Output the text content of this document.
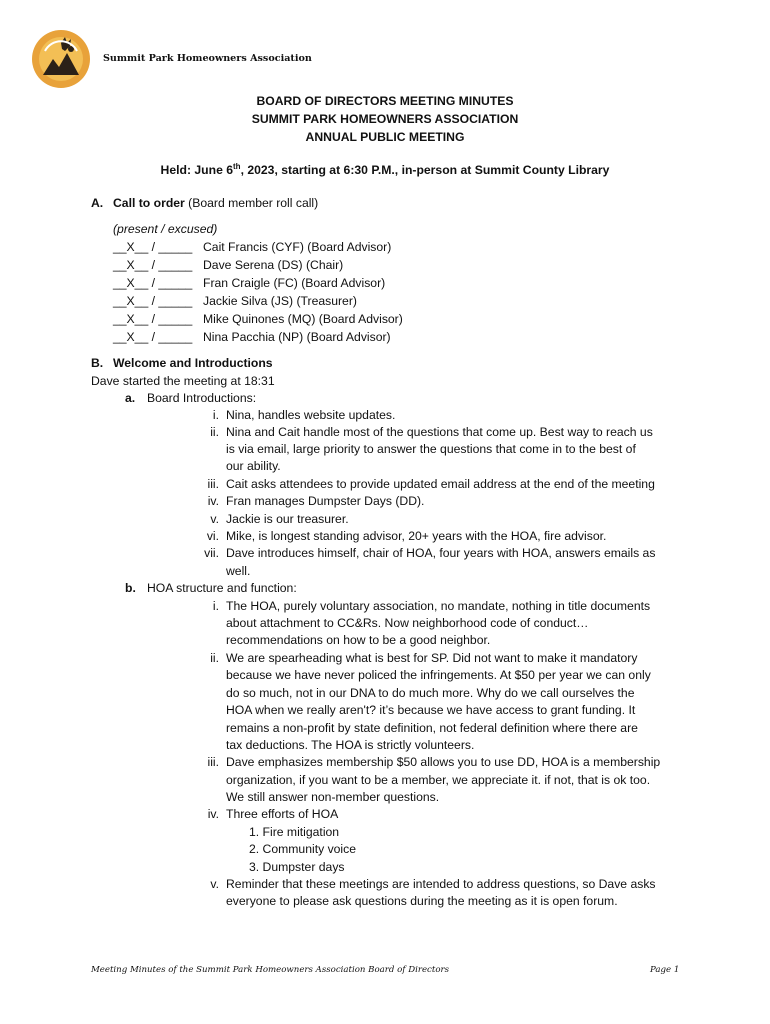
Summit Park Homeowners Association
BOARD OF DIRECTORS MEETING MINUTES
SUMMIT PARK HOMEOWNERS ASSOCIATION
ANNUAL PUBLIC MEETING
Held: June 6th, 2023, starting at 6:30 P.M., in-person at Summit County Library
A. Call to order (Board member roll call)
(present / excused)
__X__ / _____ Cait Francis (CYF) (Board Advisor)
__X__ / _____ Dave Serena (DS) (Chair)
__X__ / _____ Fran Craigle (FC) (Board Advisor)
__X__ / _____ Jackie Silva (JS) (Treasurer)
__X__ / _____ Mike Quinones (MQ) (Board Advisor)
__X__ / _____ Nina Pacchia (NP) (Board Advisor)
B. Welcome and Introductions
Dave started the meeting at 18:31
a. Board Introductions:
i. Nina, handles website updates.
ii. Nina and Cait handle most of the questions that come up. Best way to reach us
is via email, large priority to answer the questions that come in to the best of
our ability.
iii. Cait asks attendees to provide updated email address at the end of the meeting
iv. Fran manages Dumpster Days (DD).
v. Jackie is our treasurer.
vi. Mike, is longest standing advisor, 20+ years with the HOA, fire advisor.
vii. Dave introduces himself, chair of HOA, four years with HOA, answers emails as
well.
b. HOA structure and function:
i. The HOA, purely voluntary association, no mandate, nothing in title documents
about attachment to CC&Rs. Now neighborhood code of conduct…
recommendations on how to be a good neighbor.
ii. We are spearheading what is best for SP. Did not want to make it mandatory
because we have never policed the infringements. At $50 per year we can only
do so much, not in our DNA to do much more. Why do we call ourselves the
HOA when we really aren't? it’s because we have access to grant funding. It
remains a non-profit by state definition, not federal definition where there are
tax deductions. The HOA is strictly volunteers.
iii. Dave emphasizes membership $50 allows you to use DD, HOA is a membership
organization, if you want to be a member, we appreciate it. if not, that is ok too.
We still answer non-member questions.
iv. Three efforts of HOA
1. Fire mitigation
2. Community voice
3. Dumpster days
v. Reminder that these meetings are intended to address questions, so Dave asks
everyone to please ask questions during the meeting as it is open forum.
Meeting Minutes of the Summit Park Homeowners Association Board of Directors	Page 1
